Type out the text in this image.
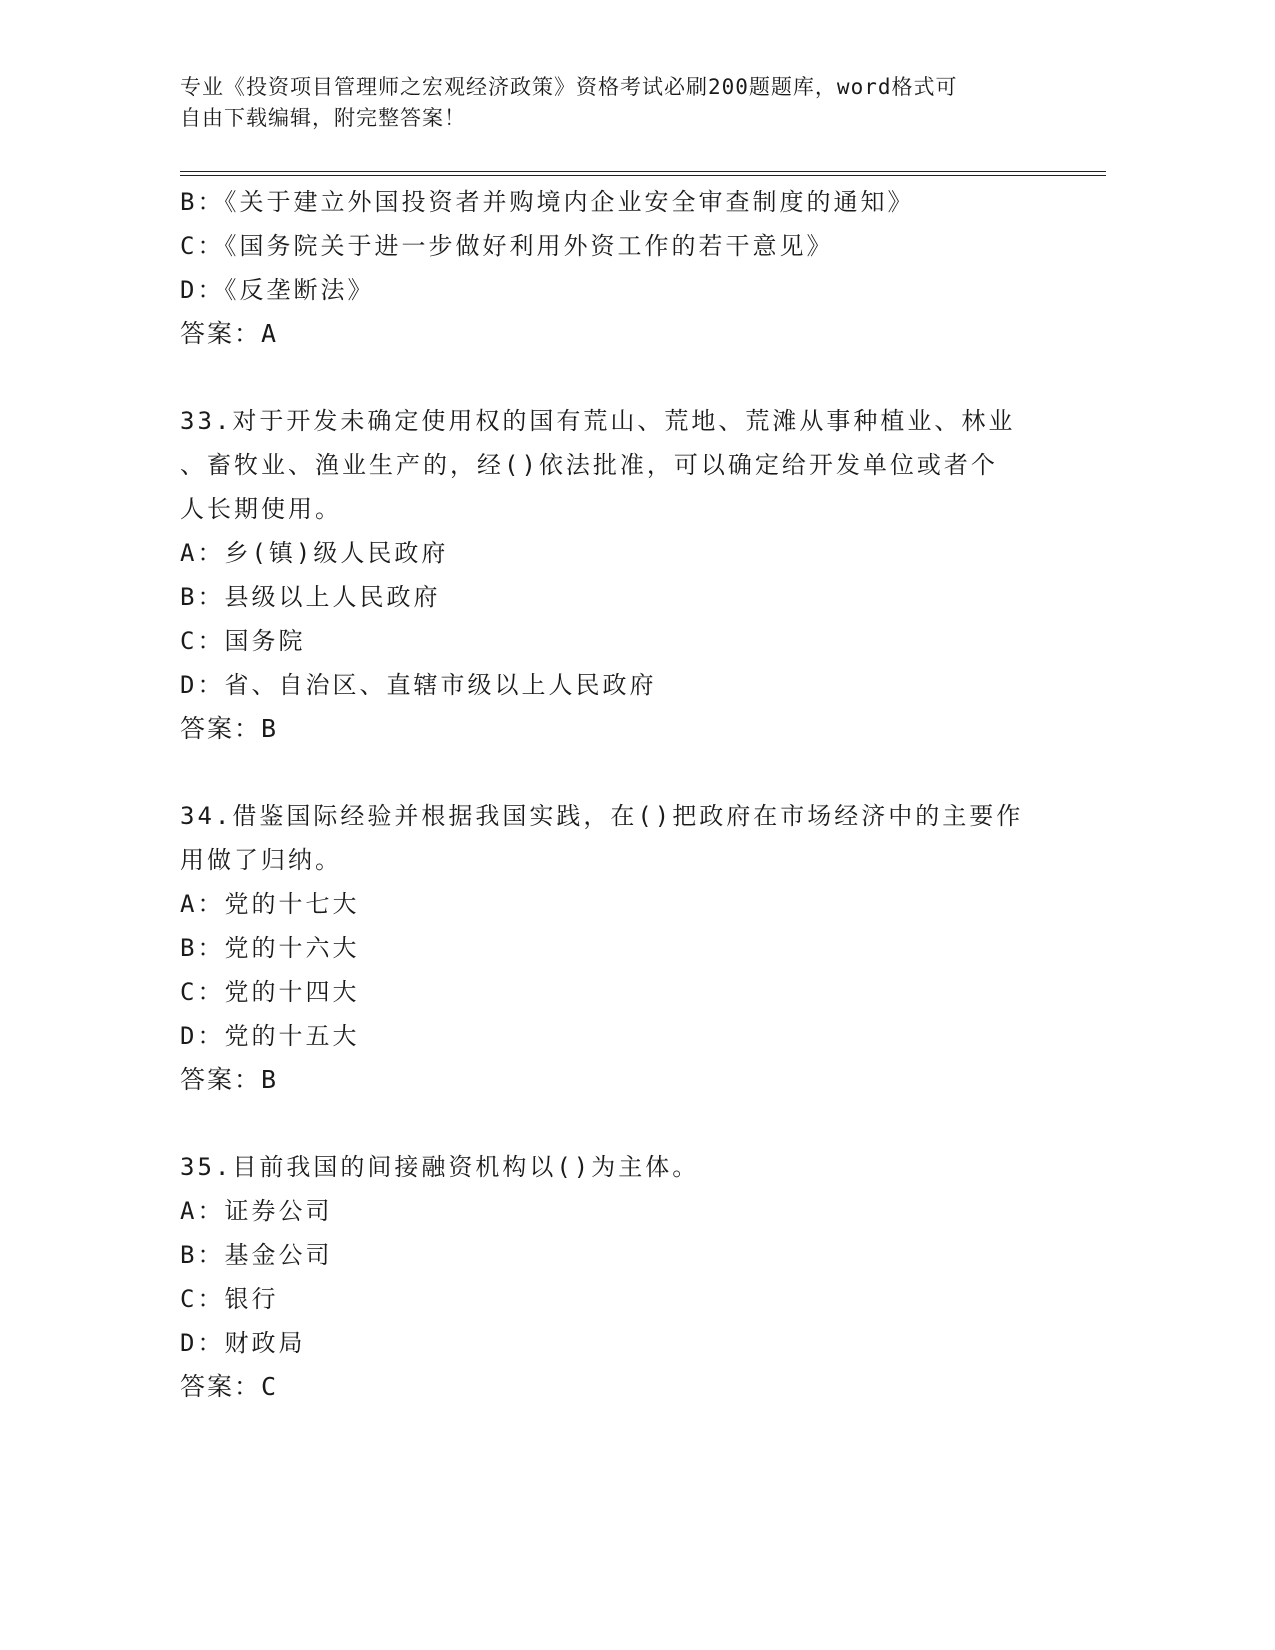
专业《投资项目管理师之宏观经济政策》资格考试必刷200题题库，word格式可
自由下载编辑，附完整答案！
B：《关于建立外国投资者并购境内企业安全审查制度的通知》
C：《国务院关于进一步做好利用外资工作的若干意见》
D：《反垄断法》
答案：A
33.对于开发未确定使用权的国有荒山、荒地、荒滩从事种植业、林业
、畜牧业、渔业生产的，经()依法批准，可以确定给开发单位或者个
人长期使用。
A：乡(镇)级人民政府
B：县级以上人民政府
C：国务院
D：省、自治区、直辖市级以上人民政府
答案：B
34.借鉴国际经验并根据我国实践，在()把政府在市场经济中的主要作
用做了归纳。
A：党的十七大
B：党的十六大
C：党的十四大
D：党的十五大
答案：B
35.目前我国的间接融资机构以()为主体。
A：证券公司
B：基金公司
C：银行
D：财政局
答案：C
